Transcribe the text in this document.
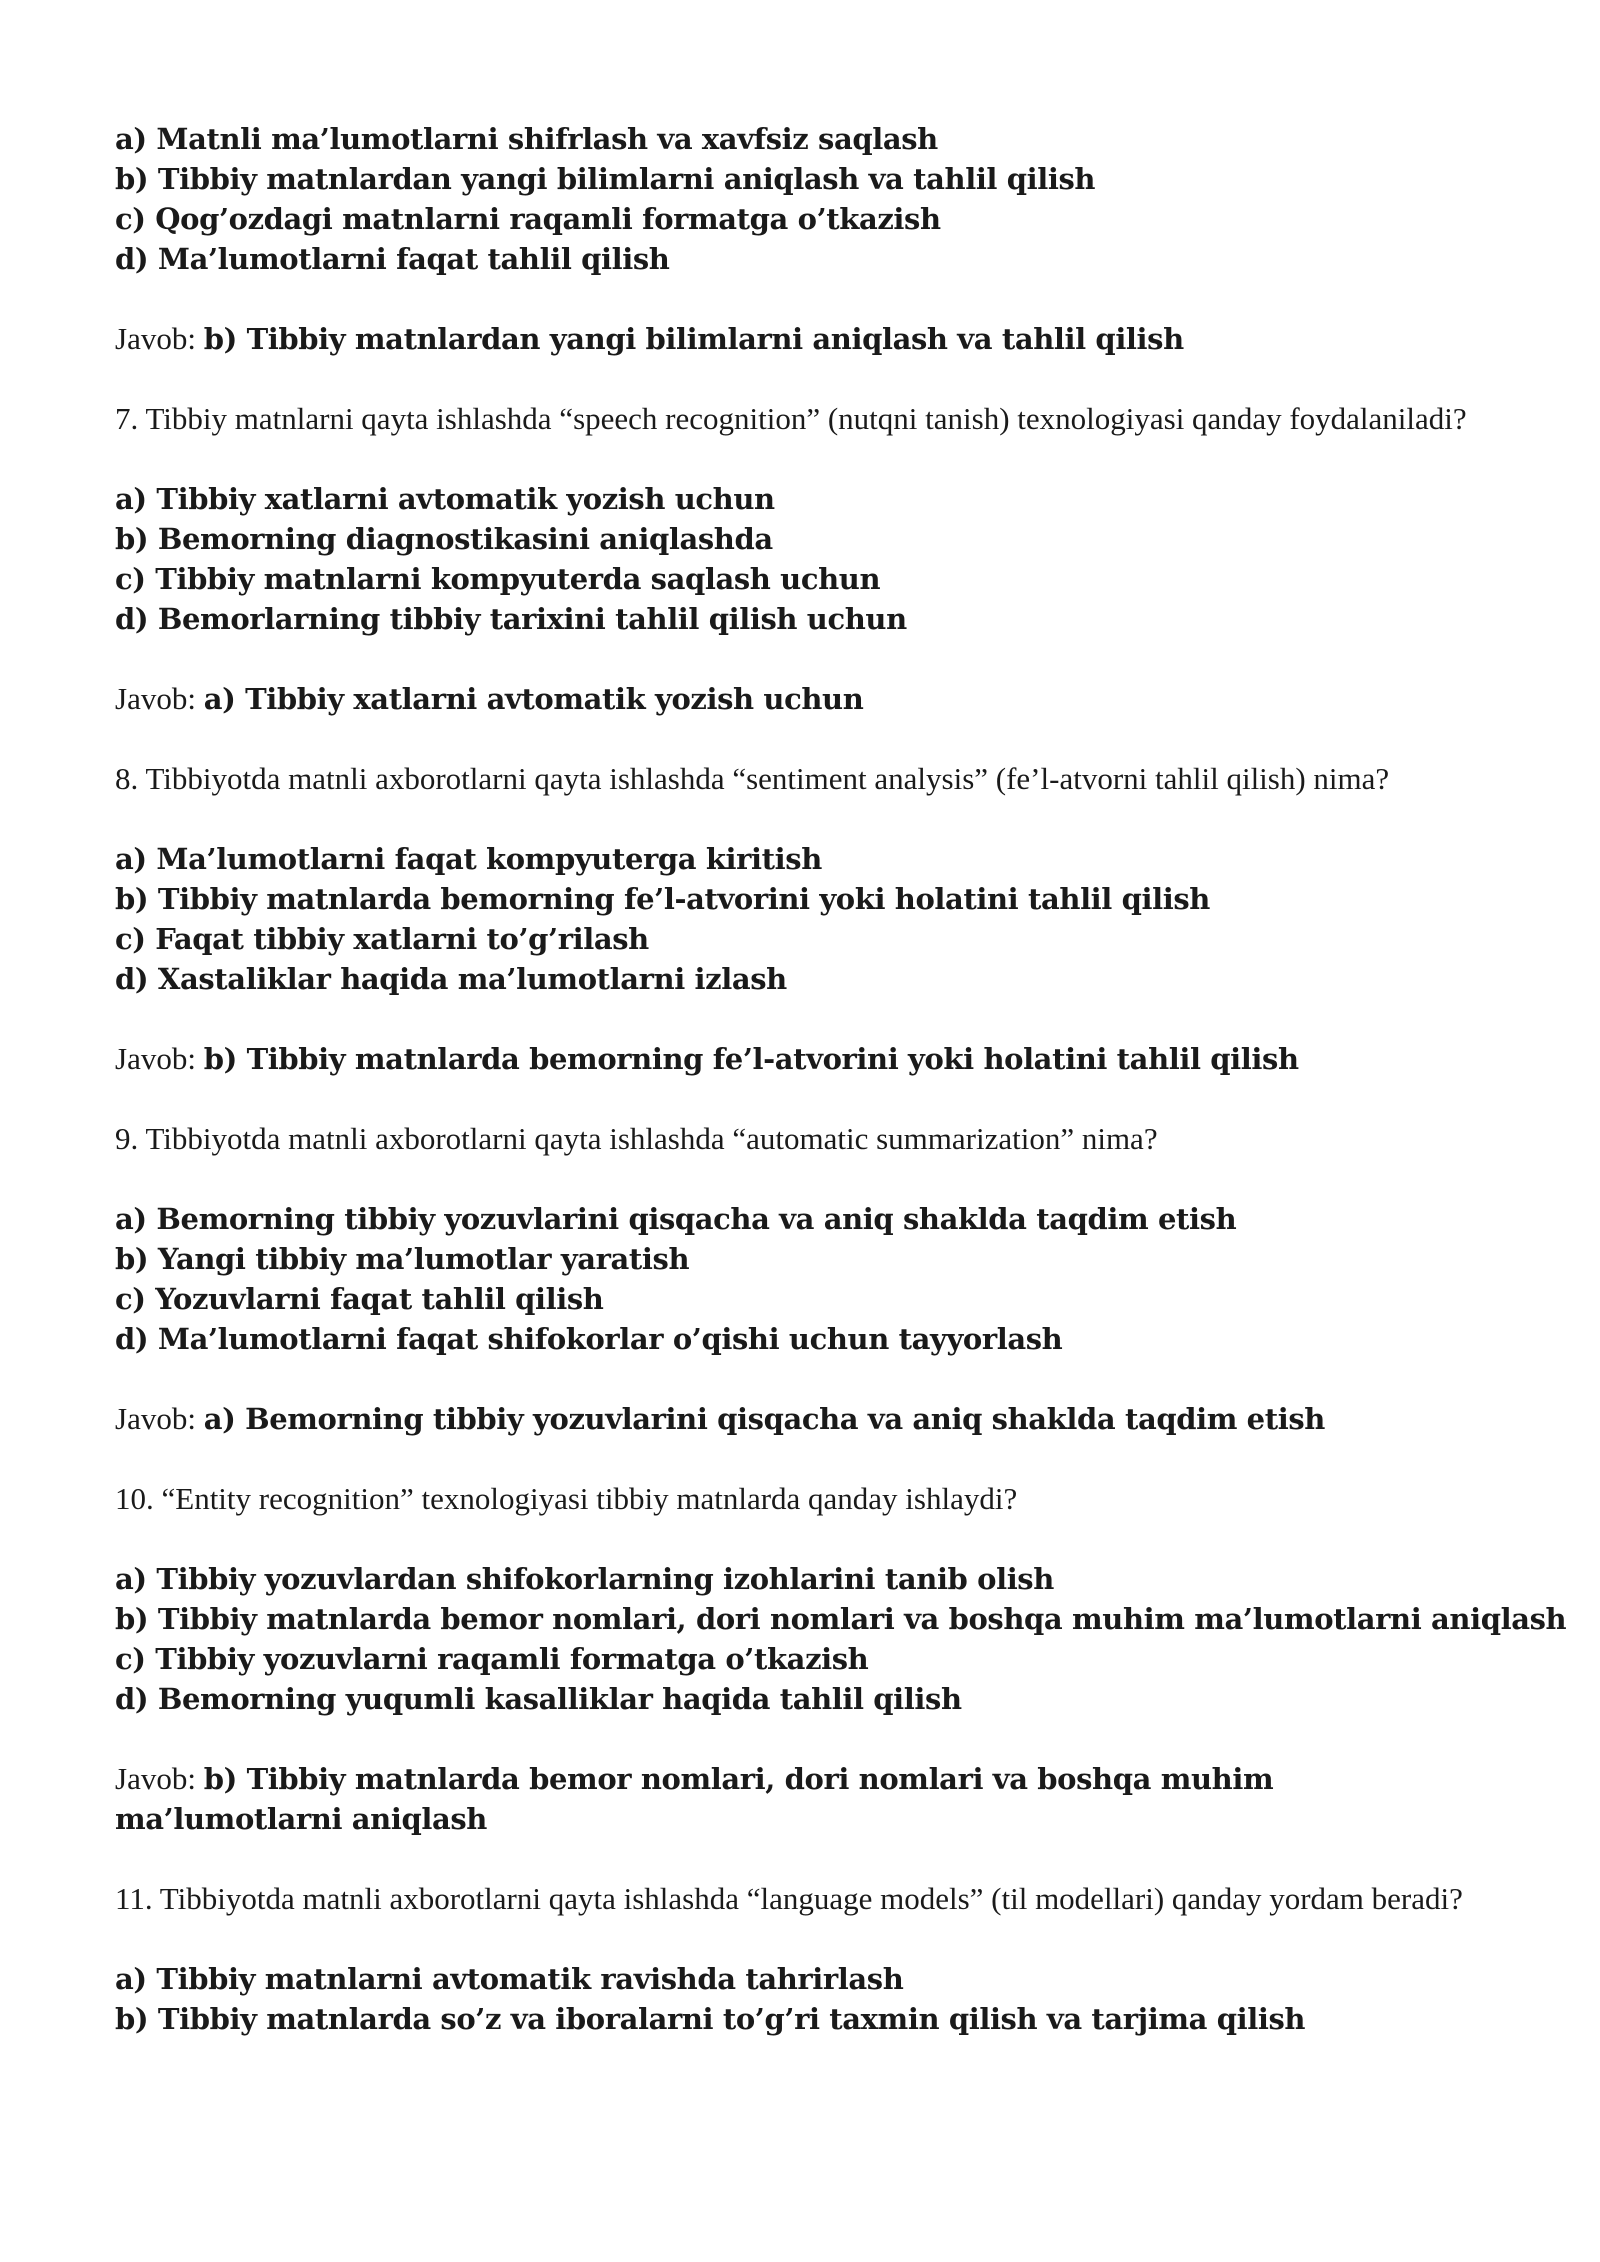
a) Matnli ma’lumotlarni shifrlash va xavfsiz saqlash
b) Tibbiy matnlardan yangi bilimlarni aniqlash va tahlil qilish
c) Qog’ozdagi matnlarni raqamli formatga o’tkazish
d) Ma’lumotlarni faqat tahlil qilish

Javob: b) Tibbiy matnlardan yangi bilimlarni aniqlash va tahlil qilish

7. Tibbiy matnlarni qayta ishlashda “speech recognition” (nutqni tanish) texnologiyasi qanday foydalaniladi?

a) Tibbiy xatlarni avtomatik yozish uchun
b) Bemorning diagnostikasini aniqlashda
c) Tibbiy matnlarni kompyuterda saqlash uchun
d) Bemorlarning tibbiy tarixini tahlil qilish uchun

Javob: a) Tibbiy xatlarni avtomatik yozish uchun

8. Tibbiyotda matnli axborotlarni qayta ishlashda “sentiment analysis” (fe’l-atvorni tahlil qilish) nima?

a) Ma’lumotlarni faqat kompyuterga kiritish
b) Tibbiy matnlarda bemorning fe’l-atvorini yoki holatini tahlil qilish
c) Faqat tibbiy xatlarni to’g’rilash
d) Xastaliklar haqida ma’lumotlarni izlash

Javob: b) Tibbiy matnlarda bemorning fe’l-atvorini yoki holatini tahlil qilish

9. Tibbiyotda matnli axborotlarni qayta ishlashda “automatic summarization” nima?

a) Bemorning tibbiy yozuvlarini qisqacha va aniq shaklda taqdim etish
b) Yangi tibbiy ma’lumotlar yaratish
c) Yozuvlarni faqat tahlil qilish
d) Ma’lumotlarni faqat shifokorlar o’qishi uchun tayyorlash

Javob: a) Bemorning tibbiy yozuvlarini qisqacha va aniq shaklda taqdim etish

10. “Entity recognition” texnologiyasi tibbiy matnlarda qanday ishlaydi?

a) Tibbiy yozuvlardan shifokorlarning izohlarini tanib olish
b) Tibbiy matnlarda bemor nomlari, dori nomlari va boshqa muhim ma’lumotlarni aniqlash
c) Tibbiy yozuvlarni raqamli formatga o’tkazish
d) Bemorning yuqumli kasalliklar haqida tahlil qilish

Javob: b) Tibbiy matnlarda bemor nomlari, dori nomlari va boshqa muhim ma’lumotlarni aniqlash

11. Tibbiyotda matnli axborotlarni qayta ishlashda “language models” (til modellari) qanday yordam beradi?

a) Tibbiy matnlarni avtomatik ravishda tahrirlash
b) Tibbiy matnlarda so’z va iboralarni to’g’ri taxmin qilish va tarjima qilish
